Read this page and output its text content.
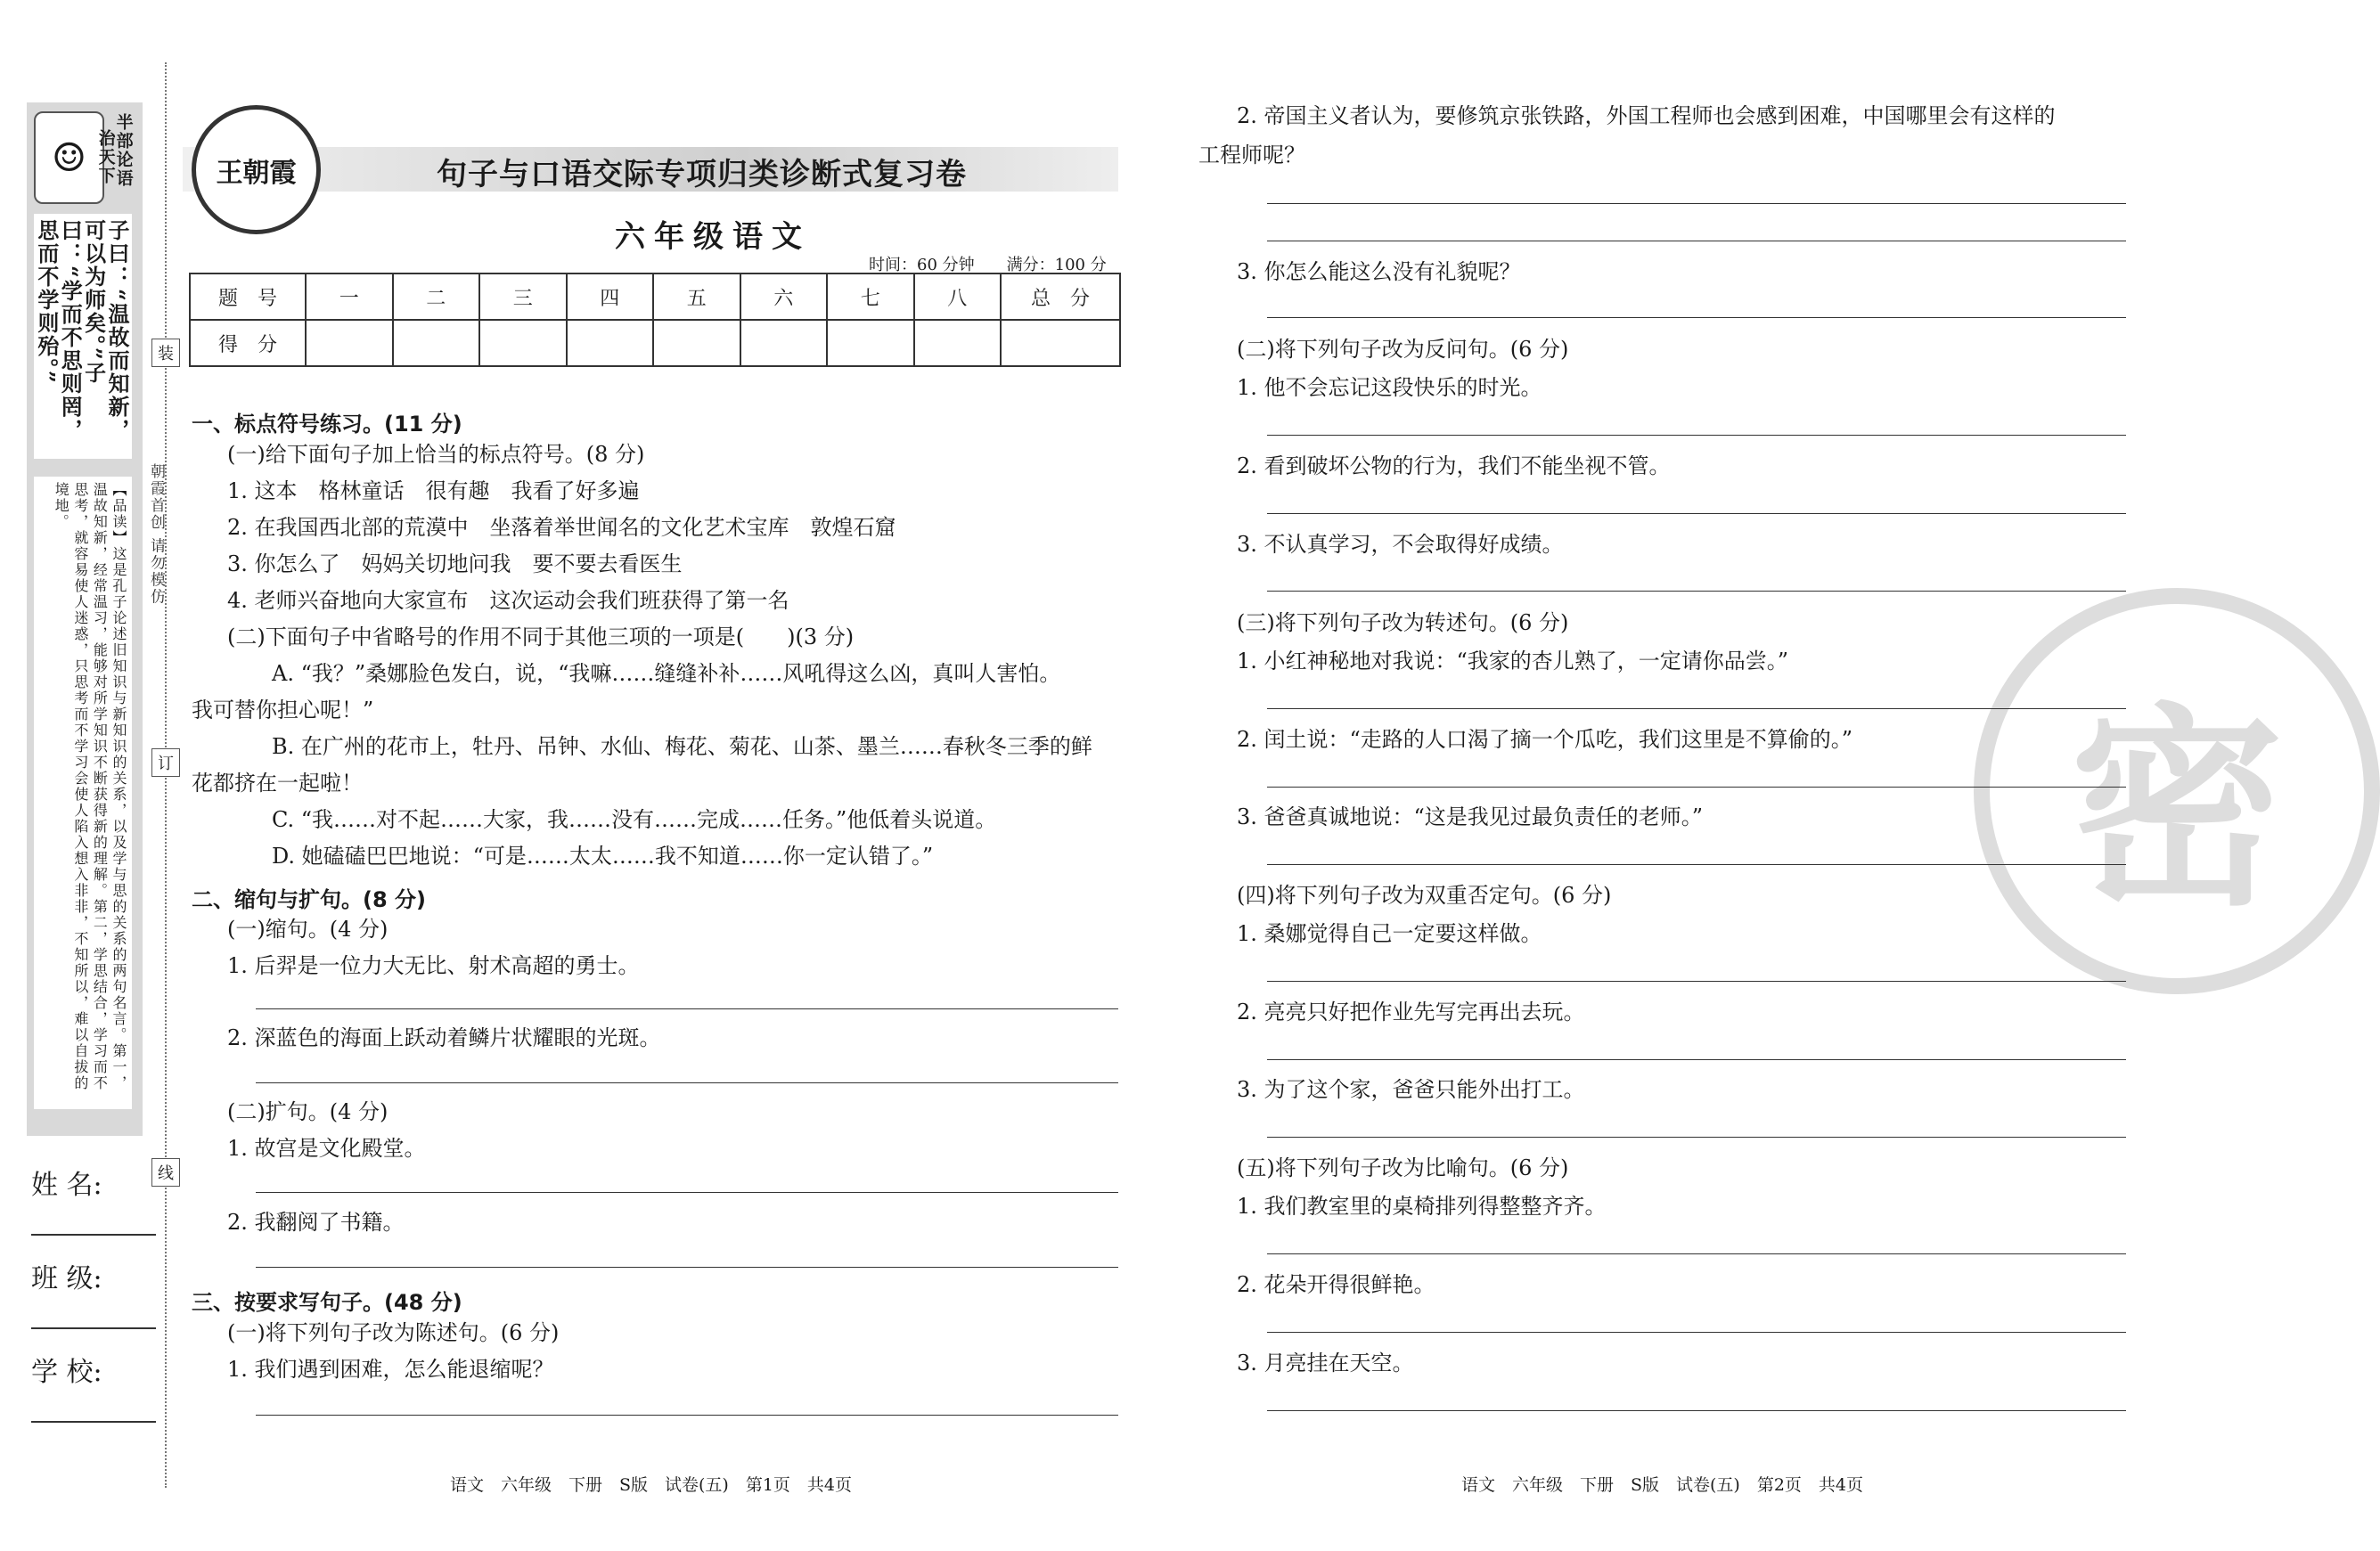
☺
半部论语
治天下
子曰：“温故而知新，可以为师矣。”子曰：“学而不思则罔，思而不学则殆。”
【品读】这是孔子论述旧知识与新知识的关系，以及学与思的关系的两句名言。第一，温故知新，经常温习，能够对所学知识不断获得新的理解。第二，学思结合，学习而不思考，就容易使人迷惑，只思考而不学习会使人陷入想入非非，不知所以，难以自拔的境地。
装
订
线
朝霞首创 请勿模仿
姓 名:
班 级:
学 校:
王朝霞	句子与口语交际专项归类诊断式复习卷
六年级语文
时间：60 分钟　　 满分：100 分
题　号	一	二	三	四	五	六	七	八	总　分
得　分									
一、标点符号练习。(11 分)
(一)给下面句子加上恰当的标点符号。(8 分)
1. 这本　格林童话　很有趣　我看了好多遍
2. 在我国西北部的荒漠中　坐落着举世闻名的文化艺术宝库　敦煌石窟
3. 你怎么了　妈妈关切地问我　要不要去看医生
4. 老师兴奋地向大家宣布　这次运动会我们班获得了第一名
(二)下面句子中省略号的作用不同于其他三项的一项是(　　)(3 分)
A. “我？”桑娜脸色发白，说，“我嘛……缝缝补补……风吼得这么凶，真叫人害怕。
我可替你担心呢！”
B. 在广州的花市上，牡丹、吊钟、水仙、梅花、菊花、山茶、墨兰……春秋冬三季的鲜
花都挤在一起啦！
C. “我……对不起……大家，我……没有……完成……任务。”他低着头说道。
D. 她磕磕巴巴地说：“可是……太太……我不知道……你一定认错了。”
二、缩句与扩句。(8 分)
(一)缩句。(4 分)
1. 后羿是一位力大无比、射术高超的勇士。
2. 深蓝色的海面上跃动着鳞片状耀眼的光斑。
(二)扩句。(4 分)
1. 故宫是文化殿堂。
2. 我翻阅了书籍。
三、按要求写句子。(48 分)
(一)将下列句子改为陈述句。(6 分)
1. 我们遇到困难，怎么能退缩呢？
语文　六年级　下册　S版　试卷(五)　第1页　共4页
密
2. 帝国主义者认为，要修筑京张铁路，外国工程师也会感到困难，中国哪里会有这样的
工程师呢？
3. 你怎么能这么没有礼貌呢？
(二)将下列句子改为反问句。(6 分)
1. 他不会忘记这段快乐的时光。
2. 看到破坏公物的行为，我们不能坐视不管。
3. 不认真学习，不会取得好成绩。
(三)将下列句子改为转述句。(6 分)
1. 小红神秘地对我说：“我家的杏儿熟了，一定请你品尝。”
2. 闰土说：“走路的人口渴了摘一个瓜吃，我们这里是不算偷的。”
3. 爸爸真诚地说：“这是我见过最负责任的老师。”
(四)将下列句子改为双重否定句。(6 分)
1. 桑娜觉得自己一定要这样做。
2. 亮亮只好把作业先写完再出去玩。
3. 为了这个家，爸爸只能外出打工。
(五)将下列句子改为比喻句。(6 分)
1. 我们教室里的桌椅排列得整整齐齐。
2. 花朵开得很鲜艳。
3. 月亮挂在天空。
语文　六年级　下册　S版　试卷(五)　第2页　共4页
